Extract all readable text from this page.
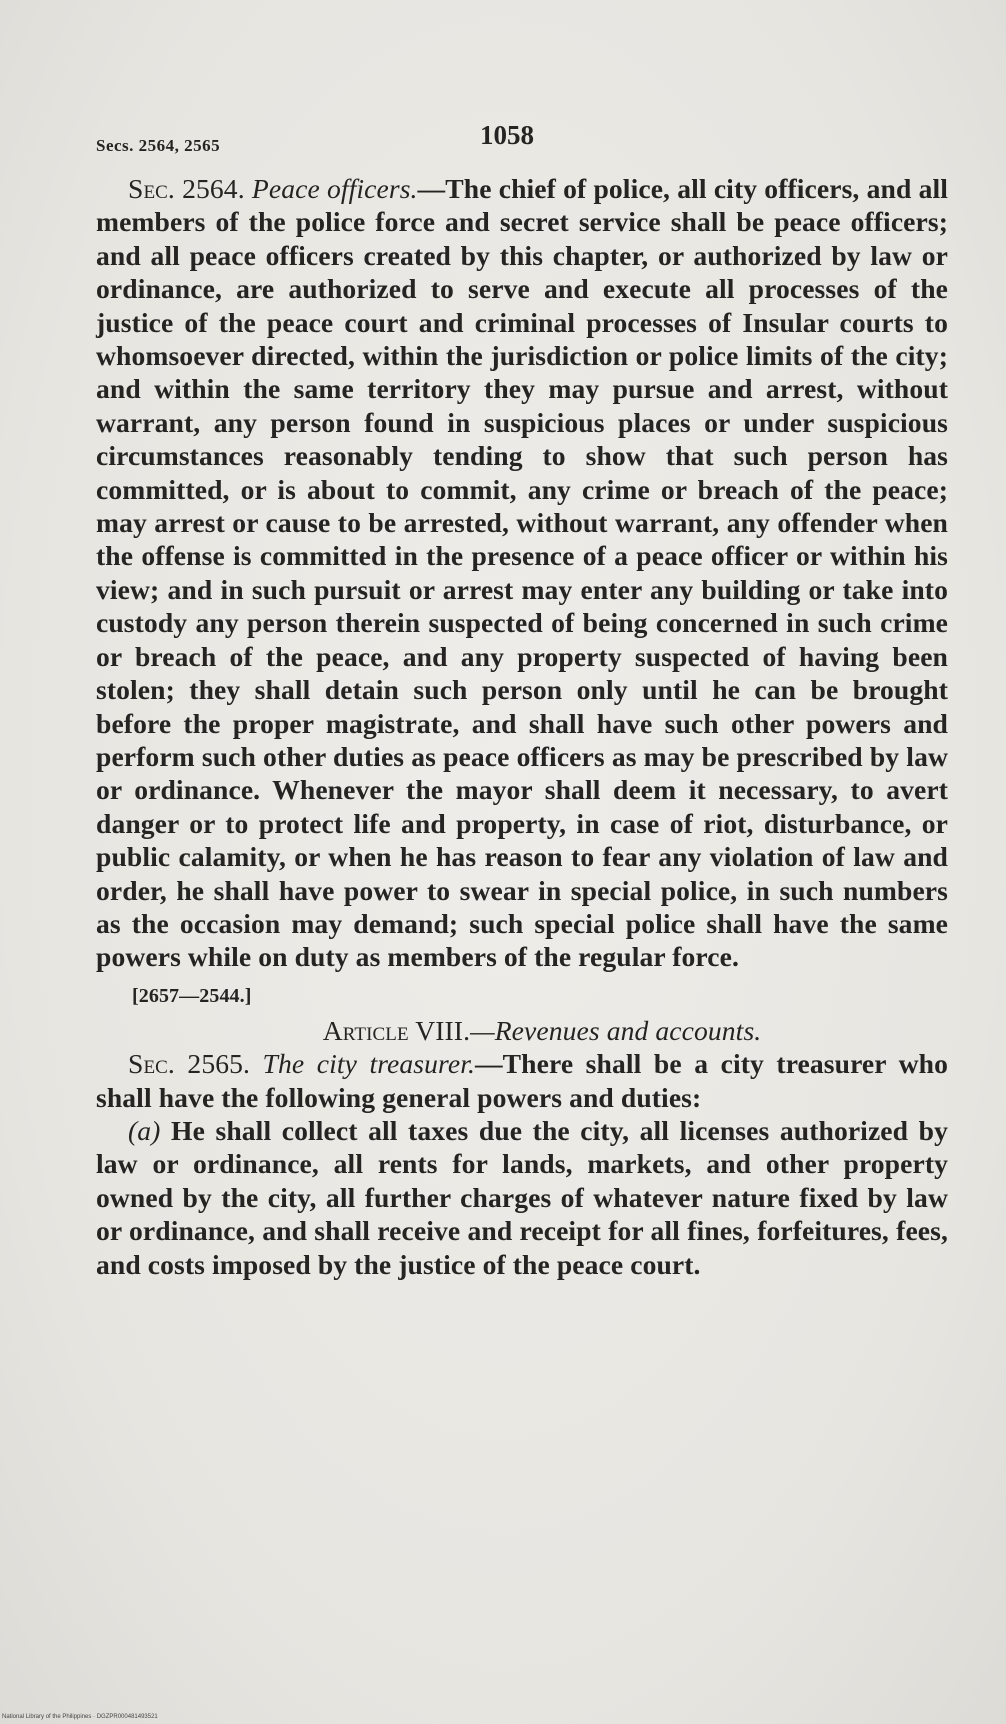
Secs. 2564, 2565	1058

Sec. 2564. Peace officers.—The chief of police, all city officers, and all members of the police force and secret service shall be peace officers; and all peace officers created by this chapter, or authorized by law or ordinance, are authorized to serve and execute all processes of the justice of the peace court and criminal processes of Insular courts to whomsoever directed, within the jurisdiction or police limits of the city; and within the same territory they may pursue and arrest, without warrant, any person found in suspicious places or under suspicious circumstances reasonably tending to show that such person has committed, or is about to commit, any crime or breach of the peace; may arrest or cause to be arrested, without warrant, any offender when the offense is committed in the presence of a peace officer or within his view; and in such pursuit or arrest may enter any building or take into custody any person therein suspected of being concerned in such crime or breach of the peace, and any property suspected of having been stolen; they shall detain such person only until he can be brought before the proper magistrate, and shall have such other powers and perform such other duties as peace officers as may be prescribed by law or ordinance. Whenever the mayor shall deem it necessary, to avert danger or to protect life and property, in case of riot, disturbance, or public calamity, or when he has reason to fear any violation of law and order, he shall have power to swear in special police, in such numbers as the occasion may demand; such special police shall have the same powers while on duty as members of the regular force.

[2657—2544.]

Article VIII.—Revenues and accounts.

Sec. 2565. The city treasurer.—There shall be a city treasurer who shall have the following general powers and duties:

(a) He shall collect all taxes due the city, all licenses authorized by law or ordinance, all rents for lands, markets, and other property owned by the city, all further charges of whatever nature fixed by law or ordinance, and shall receive and receipt for all fines, forfeitures, fees, and costs imposed by the justice of the peace court.

National Library of the Philippines · DGZPR000481493521
